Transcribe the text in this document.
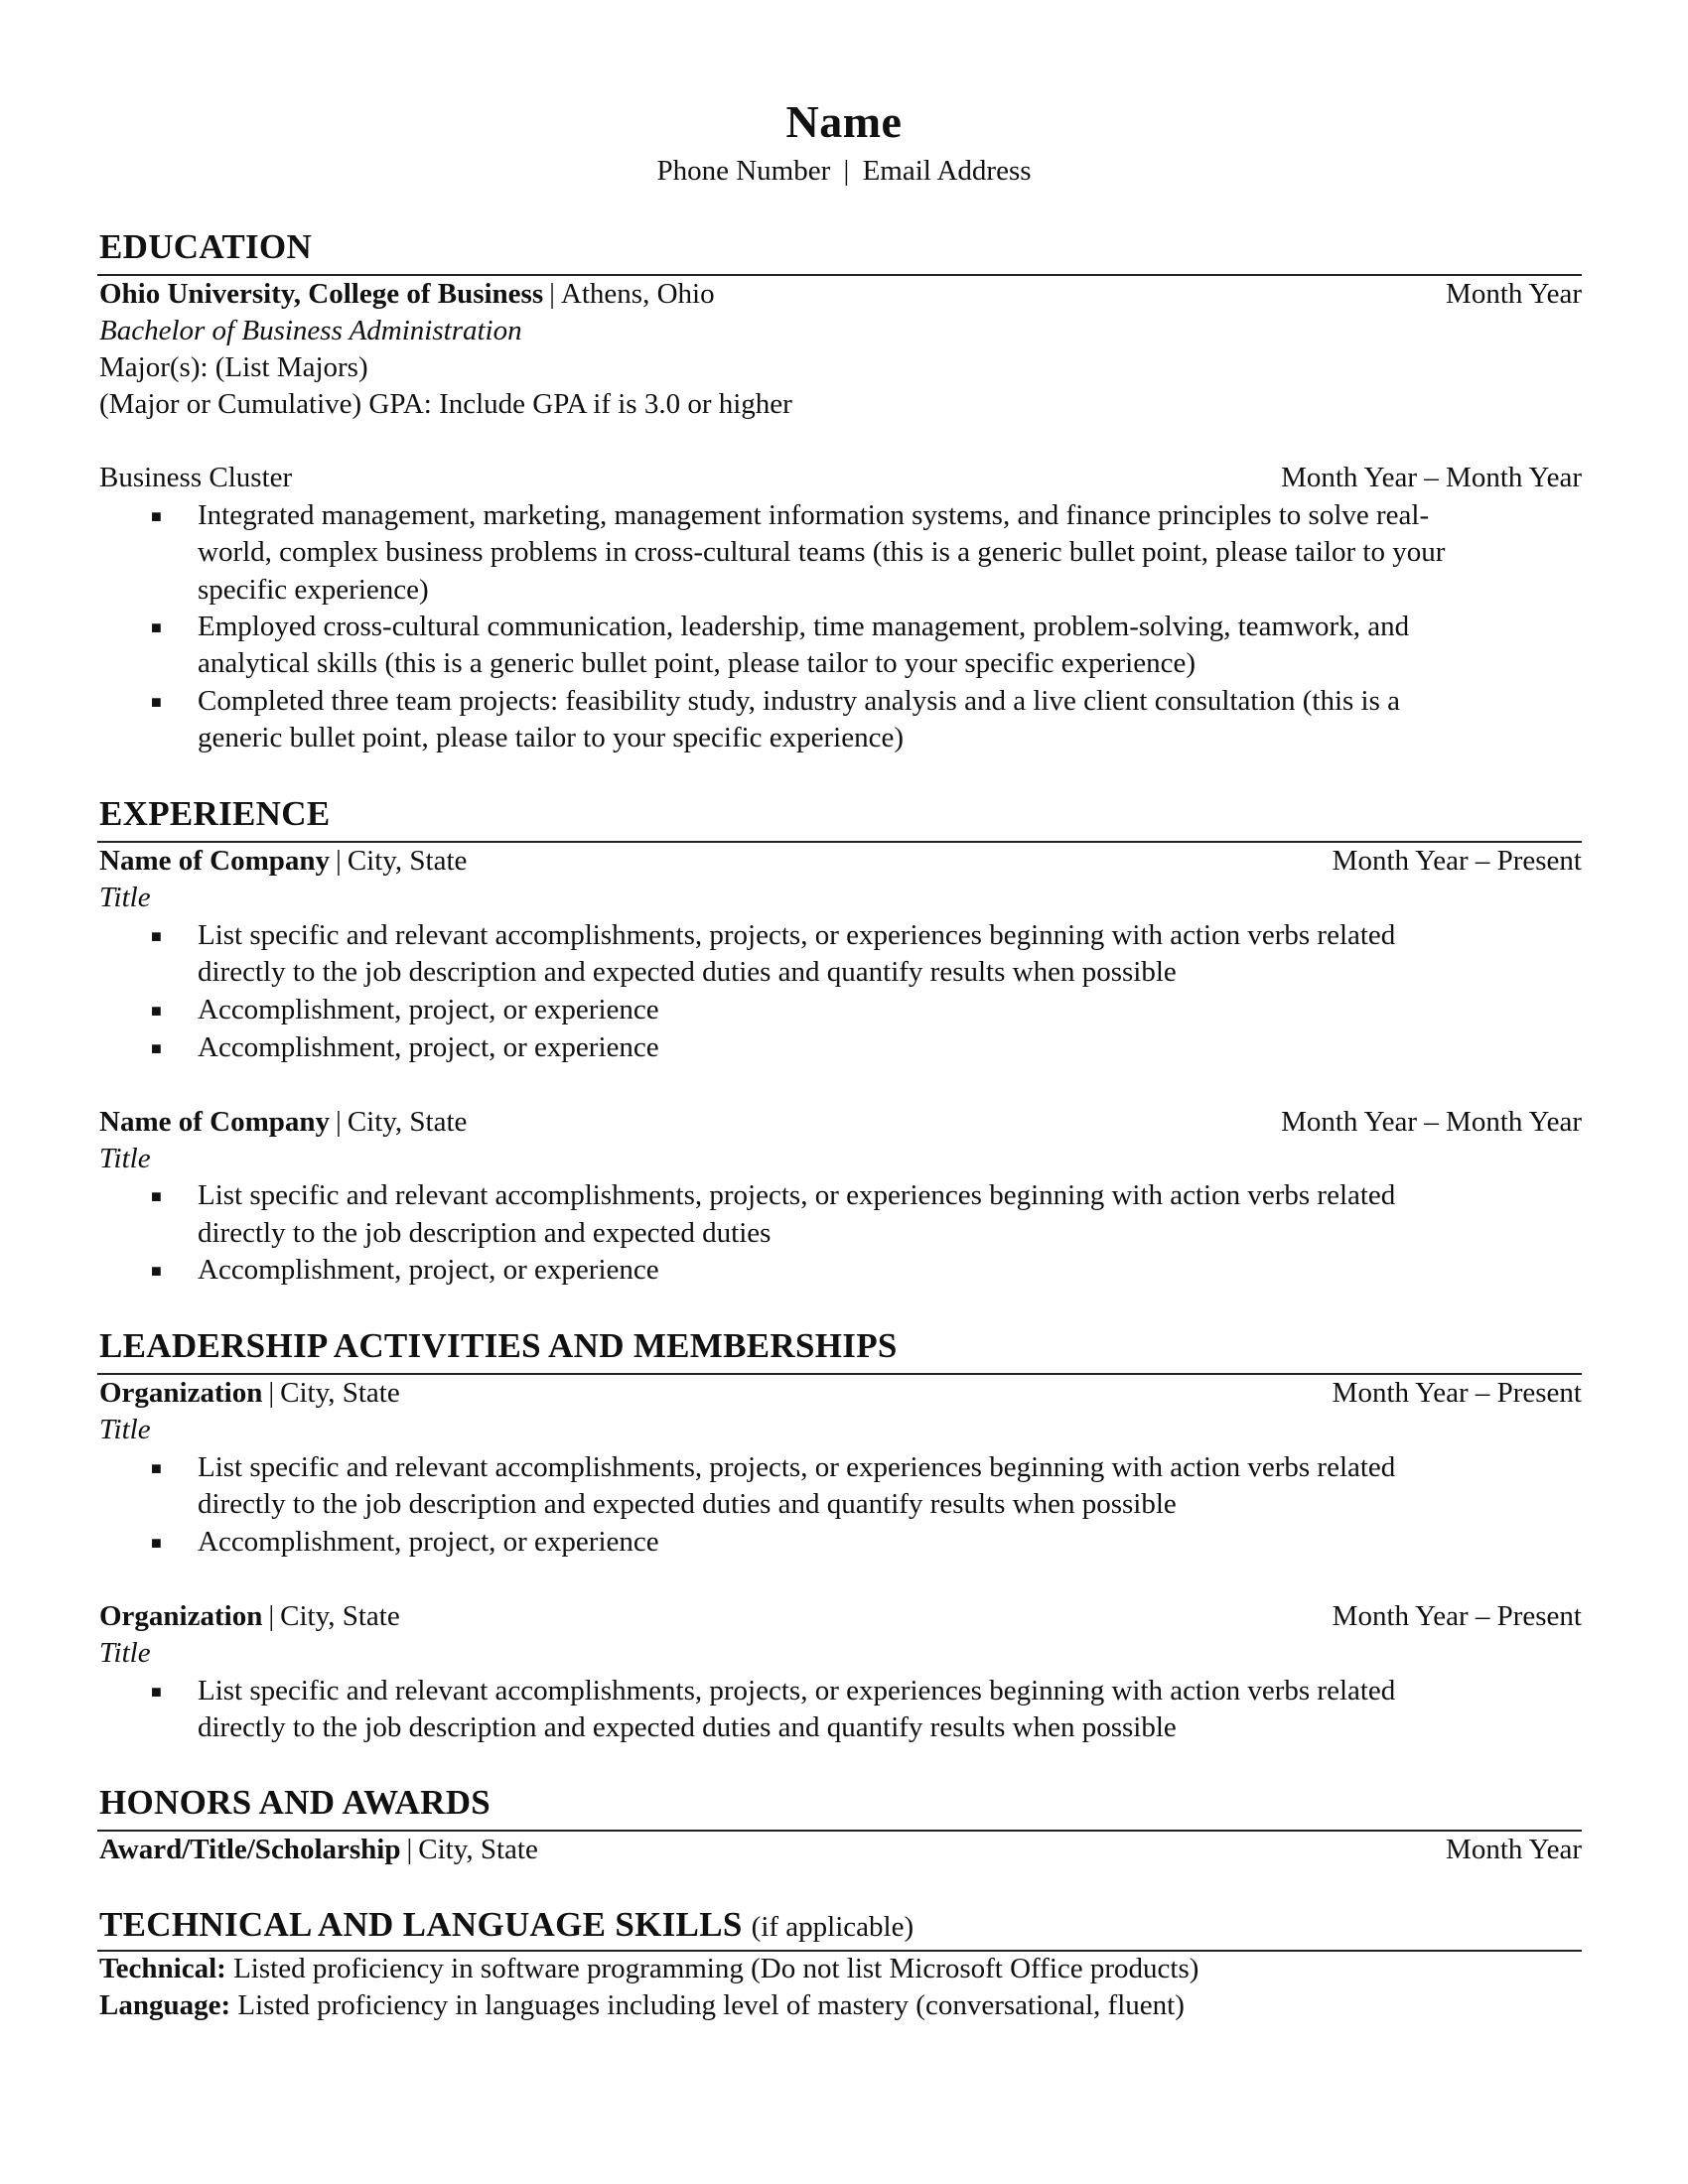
Name
Phone Number | Email Address
EDUCATION
Ohio University, College of Business | Athens, Ohio	Month Year
Bachelor of Business Administration
Major(s): (List Majors)
(Major or Cumulative) GPA: Include GPA if is 3.0 or higher
Business Cluster	Month Year – Month Year
■ Integrated management, marketing, management information systems, and finance principles to solve real-
world, complex business problems in cross-cultural teams (this is a generic bullet point, please tailor to your
specific experience)
■ Employed cross-cultural communication, leadership, time management, problem-solving, teamwork, and
analytical skills (this is a generic bullet point, please tailor to your specific experience)
■ Completed three team projects: feasibility study, industry analysis and a live client consultation (this is a
generic bullet point, please tailor to your specific experience)
EXPERIENCE
Name of Company | City, State	Month Year – Present
Title
■ List specific and relevant accomplishments, projects, or experiences beginning with action verbs related
directly to the job description and expected duties and quantify results when possible
■ Accomplishment, project, or experience
■ Accomplishment, project, or experience
Name of Company | City, State	Month Year – Month Year
Title
■ List specific and relevant accomplishments, projects, or experiences beginning with action verbs related
directly to the job description and expected duties
■ Accomplishment, project, or experience
LEADERSHIP ACTIVITIES AND MEMBERSHIPS
Organization | City, State	Month Year – Present
Title
■ List specific and relevant accomplishments, projects, or experiences beginning with action verbs related
directly to the job description and expected duties and quantify results when possible
■ Accomplishment, project, or experience
Organization | City, State	Month Year – Present
Title
■ List specific and relevant accomplishments, projects, or experiences beginning with action verbs related
directly to the job description and expected duties and quantify results when possible
HONORS AND AWARDS
Award/Title/Scholarship | City, State	Month Year
TECHNICAL AND LANGUAGE SKILLS (if applicable)
Technical: Listed proficiency in software programming (Do not list Microsoft Office products)
Language: Listed proficiency in languages including level of mastery (conversational, fluent)
